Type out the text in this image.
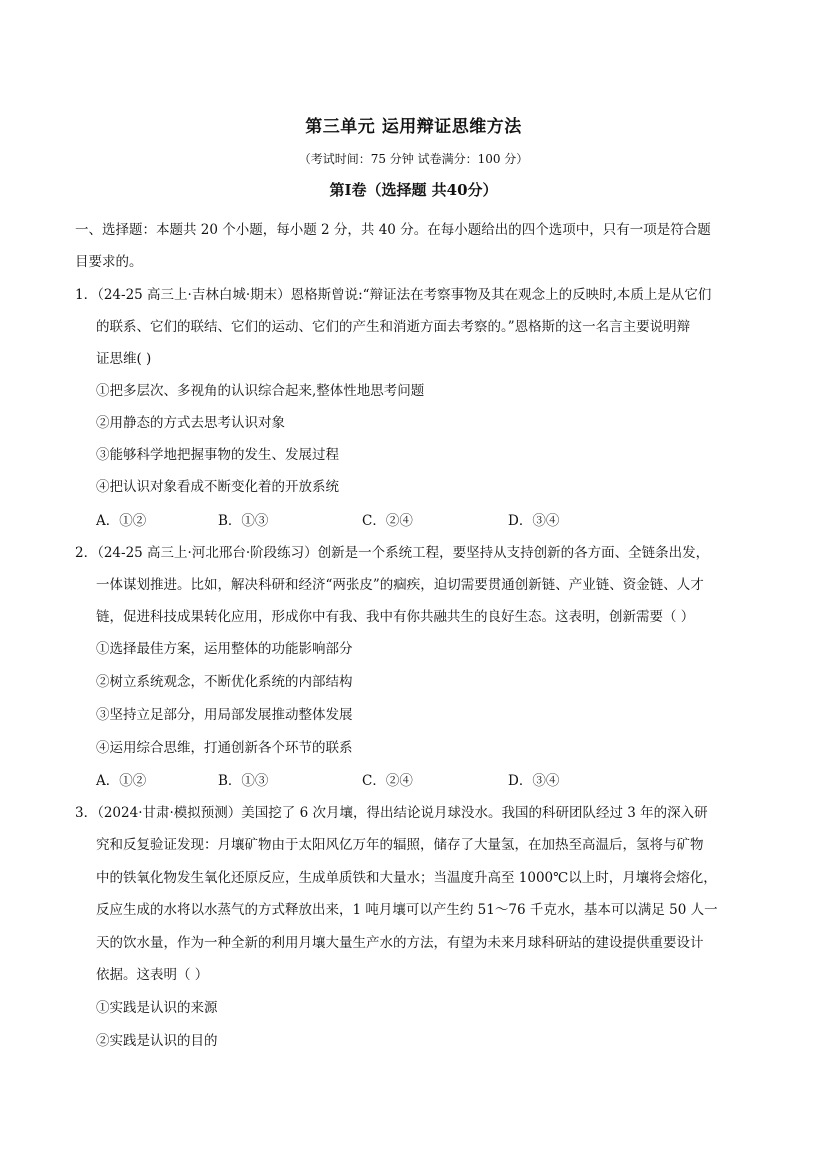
第三单元 运用辩证思维方法
（考试时间：75 分钟 试卷满分：100 分）
第Ⅰ卷（选择题 共40分）
一、选择题：本题共 20 个小题，每小题 2 分，共 40 分。在每小题给出的四个选项中，只有一项是符合题
目要求的。
1．（24-25 高三上·吉林白城·期末）恩格斯曾说:“辩证法在考察事物及其在观念上的反映时,本质上是从它们
的联系、它们的联结、它们的运动、它们的产生和消逝方面去考察的。”恩格斯的这一名言主要说明辩
证思维( )
①把多层次、多视角的认识综合起来,整体性地思考问题
②用静态的方式去思考认识对象
③能够科学地把握事物的发生、发展过程
④把认识对象看成不断变化着的开放系统
A．①②	B．①③	C．②④	D．③④
2．（24-25 高三上·河北邢台·阶段练习）创新是一个系统工程，要坚持从支持创新的各方面、全链条出发，
一体谋划推进。比如，解决科研和经济“两张皮”的痼疾，迫切需要贯通创新链、产业链、资金链、人才
链，促进科技成果转化应用，形成你中有我、我中有你共融共生的良好生态。这表明，创新需要（ ）
①选择最佳方案，运用整体的功能影响部分
②树立系统观念，不断优化系统的内部结构
③坚持立足部分，用局部发展推动整体发展
④运用综合思维，打通创新各个环节的联系
A．①②	B．①③	C．②④	D．③④
3．（2024·甘肃·模拟预测）美国挖了 6 次月壤，得出结论说月球没水。我国的科研团队经过 3 年的深入研
究和反复验证发现：月壤矿物由于太阳风亿万年的辐照，储存了大量氢，在加热至高温后，氢将与矿物
中的铁氧化物发生氧化还原反应，生成单质铁和大量水；当温度升高至 1000℃以上时，月壤将会熔化，
反应生成的水将以水蒸气的方式释放出来，1 吨月壤可以产生约 51～76 千克水，基本可以满足 50 人一
天的饮水量，作为一种全新的利用月壤大量生产水的方法，有望为未来月球科研站的建设提供重要设计
依据。这表明（ ）
①实践是认识的来源
②实践是认识的目的
